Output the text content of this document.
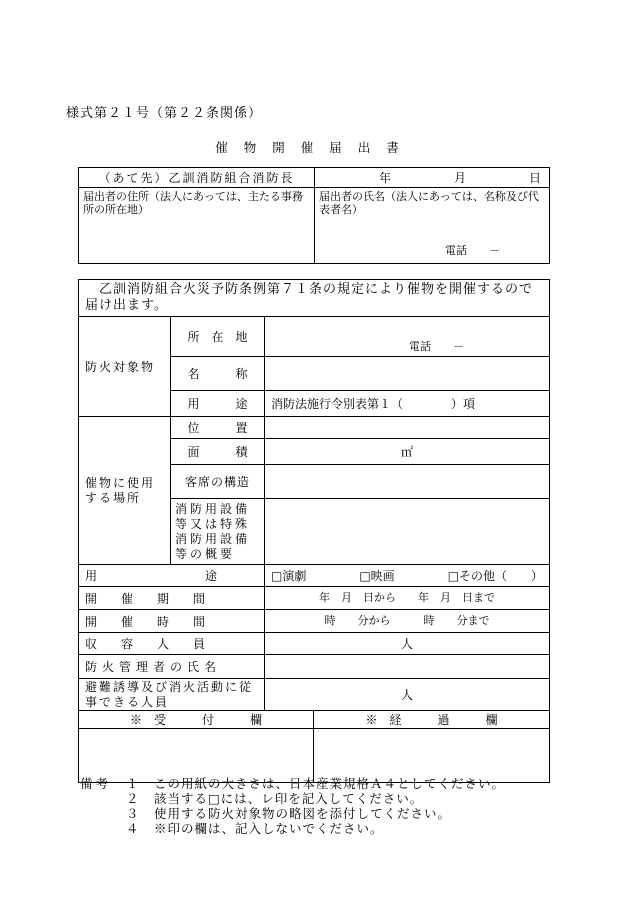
様式第２１号（第２２条関係）
催物開催届出書
（あて先）乙訓消防組合消防長	年 月 日

届出者の住所（法人にあっては、主たる事務所の所在地）	届出者の氏名（法人にあっては、名称及び代表者名）
電話　　－
乙訓消防組合火災予防条例第７１条の規定により催物を開催するので届け出ます。			
防火対象物	所　在　地	電話　　－	

	名　　　称		
	用　　　途	消防法施行令別表第１（　　　　）項	
催物に使用する場所	位　　　置		
	面　　　積	㎡	
	客席の構造		
	消防用設備等又は特殊消防用設備等の概要		
用　　　　　　　　　途		□演劇 □映画 □その他（　　）	

開　　催　　期　　間		年　月　日から　　年　月　日まで	
開　　催　　時　　間		時　　分から　　　時　　分まで	
収　　容　　人　　員		人	
防火管理者の氏名			
避難誘導及び消火活動に従事できる人員		人	
※　受　　　付　　　欄			※　経　　　過　　　欄

備考	１	この用紙の大きさは、日本産業規格Ａ４としてください。
２	該当する□には、レ印を記入してください。
３	使用する防火対象物の略図を添付してください。
４	※印の欄は、記入しないでください。
